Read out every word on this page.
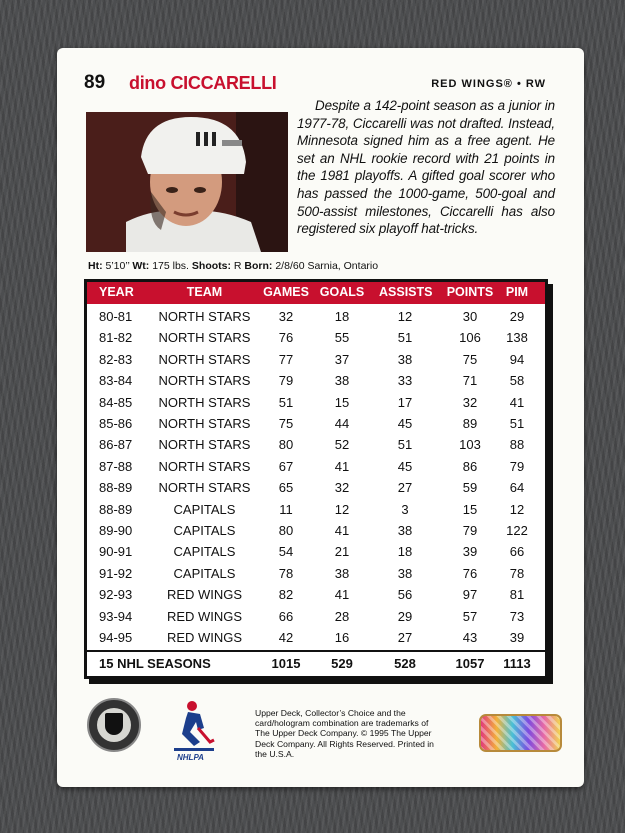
89 dino CICCARELLI	RED WINGS® • RW
Despite a 142-point season as a junior in 1977-78, Ciccarelli was not drafted. Instead, Minnesota signed him as a free agent. He set an NHL rookie record with 21 points in the 1981 playoffs. A gifted goal scorer who has passed the 1000-game, 500-goal and 500-assist milestones, Ciccarelli has also registered six playoff hat-tricks.
Ht: 5’10’’ Wt: 175 lbs. Shoots: R Born: 2/8/60 Sarnia, Ontario
YEAR	TEAM	GAMES GOALS ASSISTS POINTS	PIM
80-81 NORTH STARS	32	18	12	30	29
81-82 NORTH STARS	76	55	51	106	138
82-83 NORTH STARS	77	37	38	75	94
83-84 NORTH STARS	79	38	33	71	58
84-85 NORTH STARS	51	15	17	32	41
85-86 NORTH STARS	75	44	45	89	51
86-87 NORTH STARS	80	52	51	103	88
87-88 NORTH STARS	67	41	45	86	79
88-89 NORTH STARS	65	32	27	59	64
88-89	CAPITALS	11	12	3	15	12
89-90	CAPITALS	80	41	38	79	122
90-91	CAPITALS	54	21	18	39	66
91-92	CAPITALS	78	38	38	76	78
92-93	RED WINGS	82	41	56	97	81
93-94	RED WINGS	66	28	29	57	73
94-95	RED WINGS	42	16	27	43	39
15 NHL SEASONS	1015	529	528	1057	1113
NHLPA
Upper Deck, Collector’s Choice and the card/hologram combination are trademarks of The Upper Deck Company. © 1995 The Upper Deck Company. All Rights Reserved. Printed in the U.S.A.
